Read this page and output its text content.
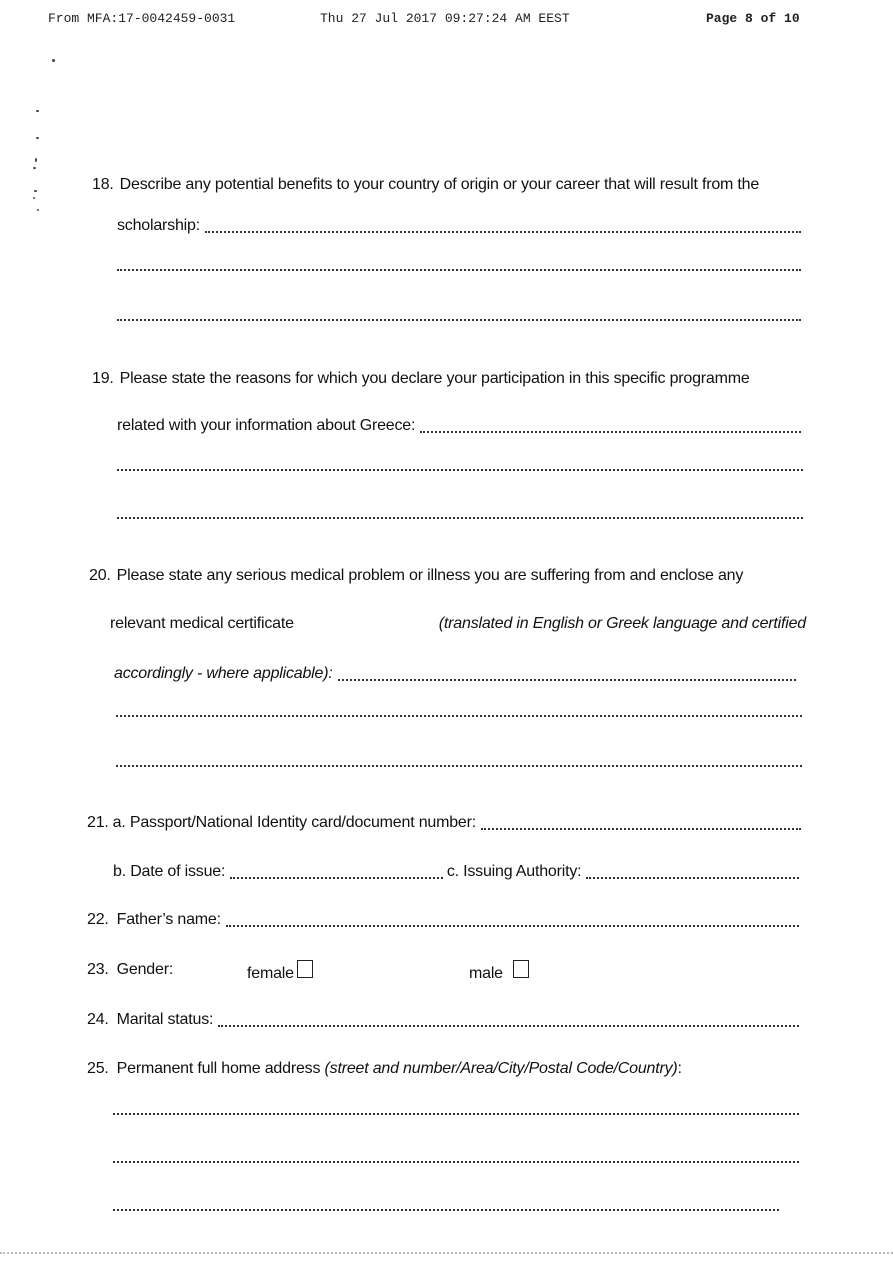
From MFA:17-0042459-0031	Thu 27 Jul 2017 09:27:24 AM EEST	Page 8 of 10
18. Describe any potential benefits to your country of origin or your career that will result from the
scholarship:
19. Please state the reasons for which you declare your participation in this specific programme
related with your information about Greece:
20. Please state any serious medical problem or illness you are suffering from and enclose any
relevant medical certificate	(translated in English or Greek language and certified
accordingly - where applicable):
21. a. Passport/National Identity card/document number:
b. Date of issue:	c. Issuing Authority:
22. Father’s name:
23. Gender:	female	male
24. Marital status:
25. Permanent full home address (street and number/Area/City/Postal Code/Country):
